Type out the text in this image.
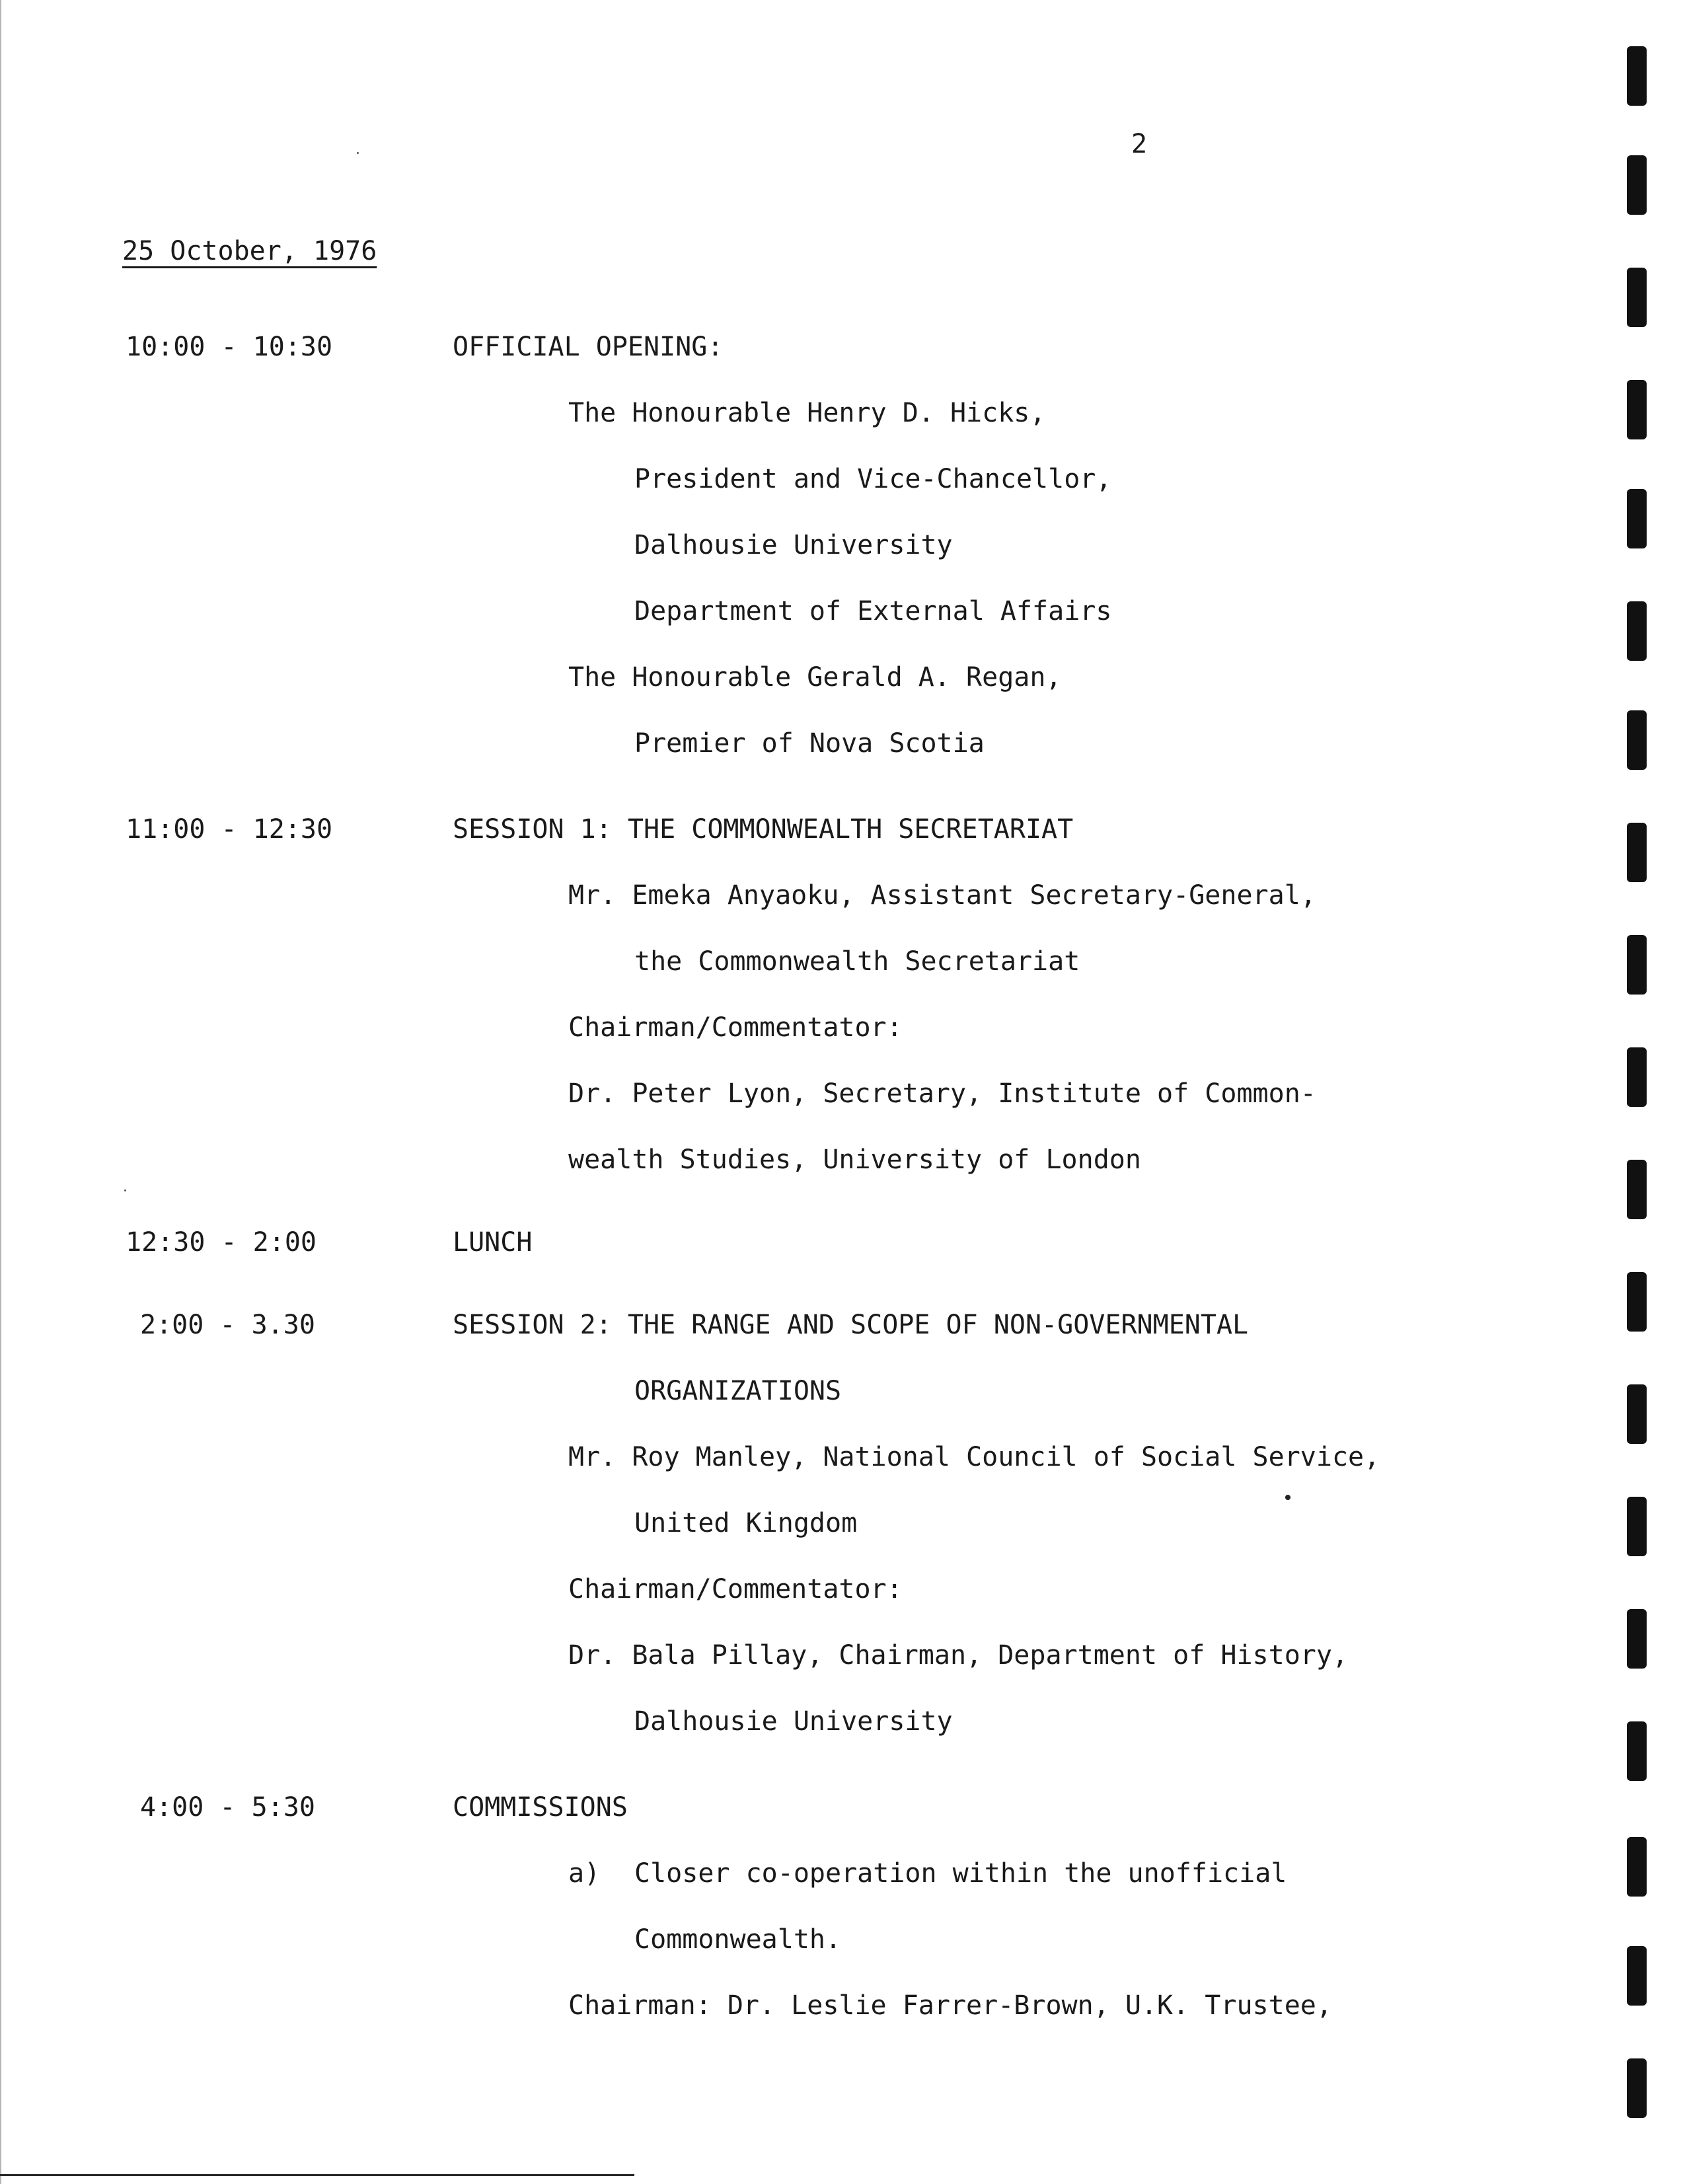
2
25 October, 1976
10:00 - 10:30	OFFICIAL OPENING:
The Honourable Henry D. Hicks,
President and Vice-Chancellor,
Dalhousie University
Department of External Affairs
The Honourable Gerald A. Regan,
Premier of Nova Scotia
11:00 - 12:30	SESSION 1: THE COMMONWEALTH SECRETARIAT
Mr. Emeka Anyaoku, Assistant Secretary-General,
the Commonwealth Secretariat
Chairman/Commentator:
Dr. Peter Lyon, Secretary, Institute of Common-
wealth Studies, University of London
12:30 - 2:00	LUNCH
2:00 - 3.30	SESSION 2: THE RANGE AND SCOPE OF NON-GOVERNMENTAL
ORGANIZATIONS
Mr. Roy Manley, National Council of Social Service,
United Kingdom
Chairman/Commentator:
Dr. Bala Pillay, Chairman, Department of History,
Dalhousie University
4:00 - 5:30	COMMISSIONS
a) Closer co-operation within the unofficial
Commonwealth.
Chairman: Dr. Leslie Farrer-Brown, U.K. Trustee,
